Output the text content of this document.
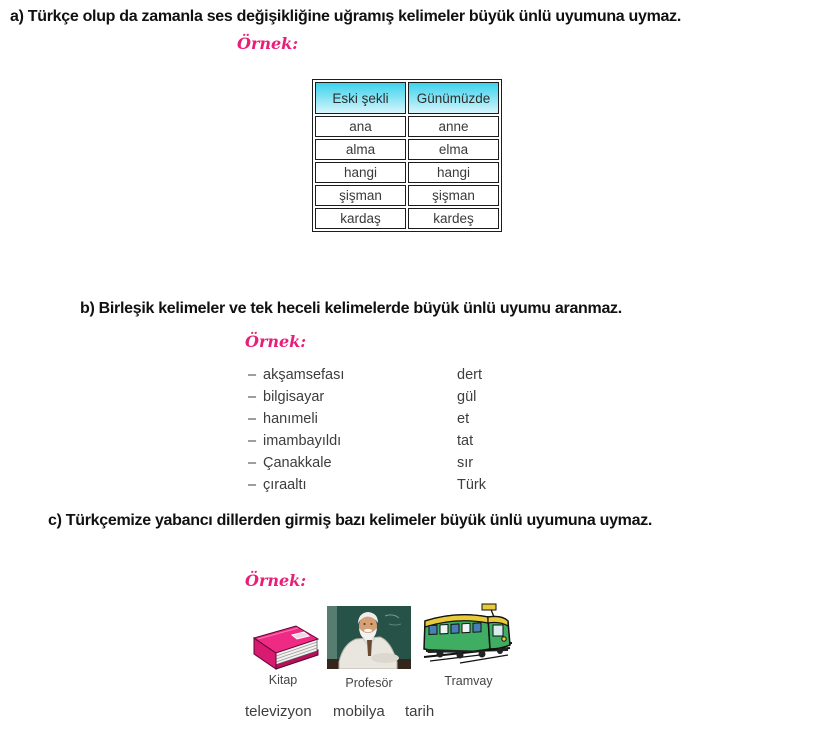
a) Türkçe olup da zamanla ses değişikliğine uğramış kelimeler büyük ünlü uyumuna uymaz.
Örnek:
Eski şekli	Günümüzde
ana	anne
alma	elma
hangi	hangi
şişman	şişman
kardaş	kardeş
b) Birleşik kelimeler ve tek heceli kelimelerde büyük ünlü uyumu aranmaz.
Örnek:
– akşamsefası	dert
– bilgisayar	gül
– hanımeli	et
– imambayıldı	tat
– Çanakkale	sır
– çıraaltı	Türk
c) Türkçemize yabancı dillerden girmiş bazı kelimeler büyük ünlü uyumuna uymaz.
Örnek:
Kitap	Profesör	Tramvay
televizyon mobilya tarih
